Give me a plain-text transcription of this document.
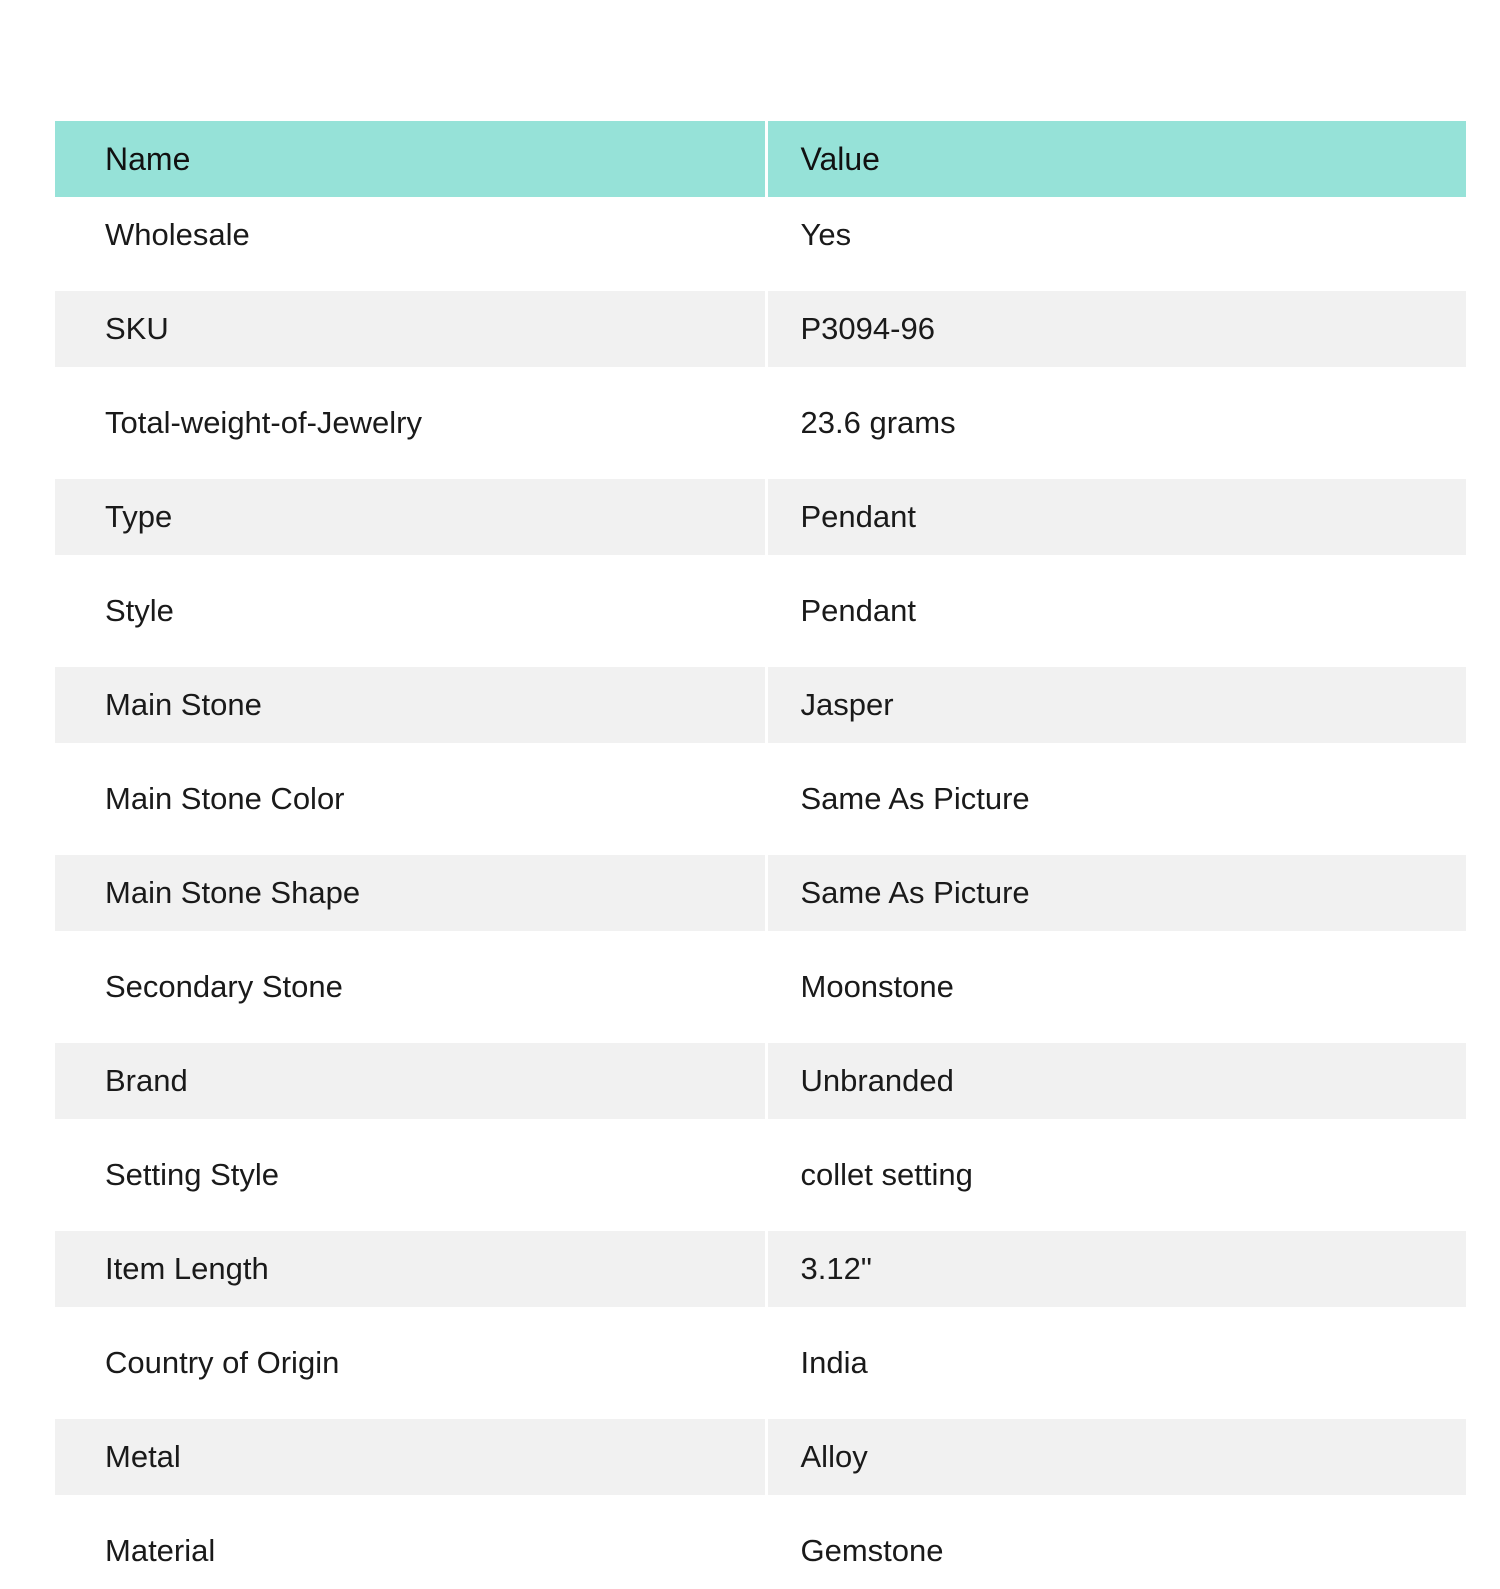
Name	Value
Wholesale	Yes
SKU	P3094-96
Total-weight-of-Jewelry	23.6 grams
Type	Pendant
Style	Pendant
Main Stone	Jasper
Main Stone Color	Same As Picture
Main Stone Shape	Same As Picture
Secondary Stone	Moonstone
Brand	Unbranded
Setting Style	collet setting
Item Length	3.12"
Country of Origin	India
Metal	Alloy
Material	Gemstone
